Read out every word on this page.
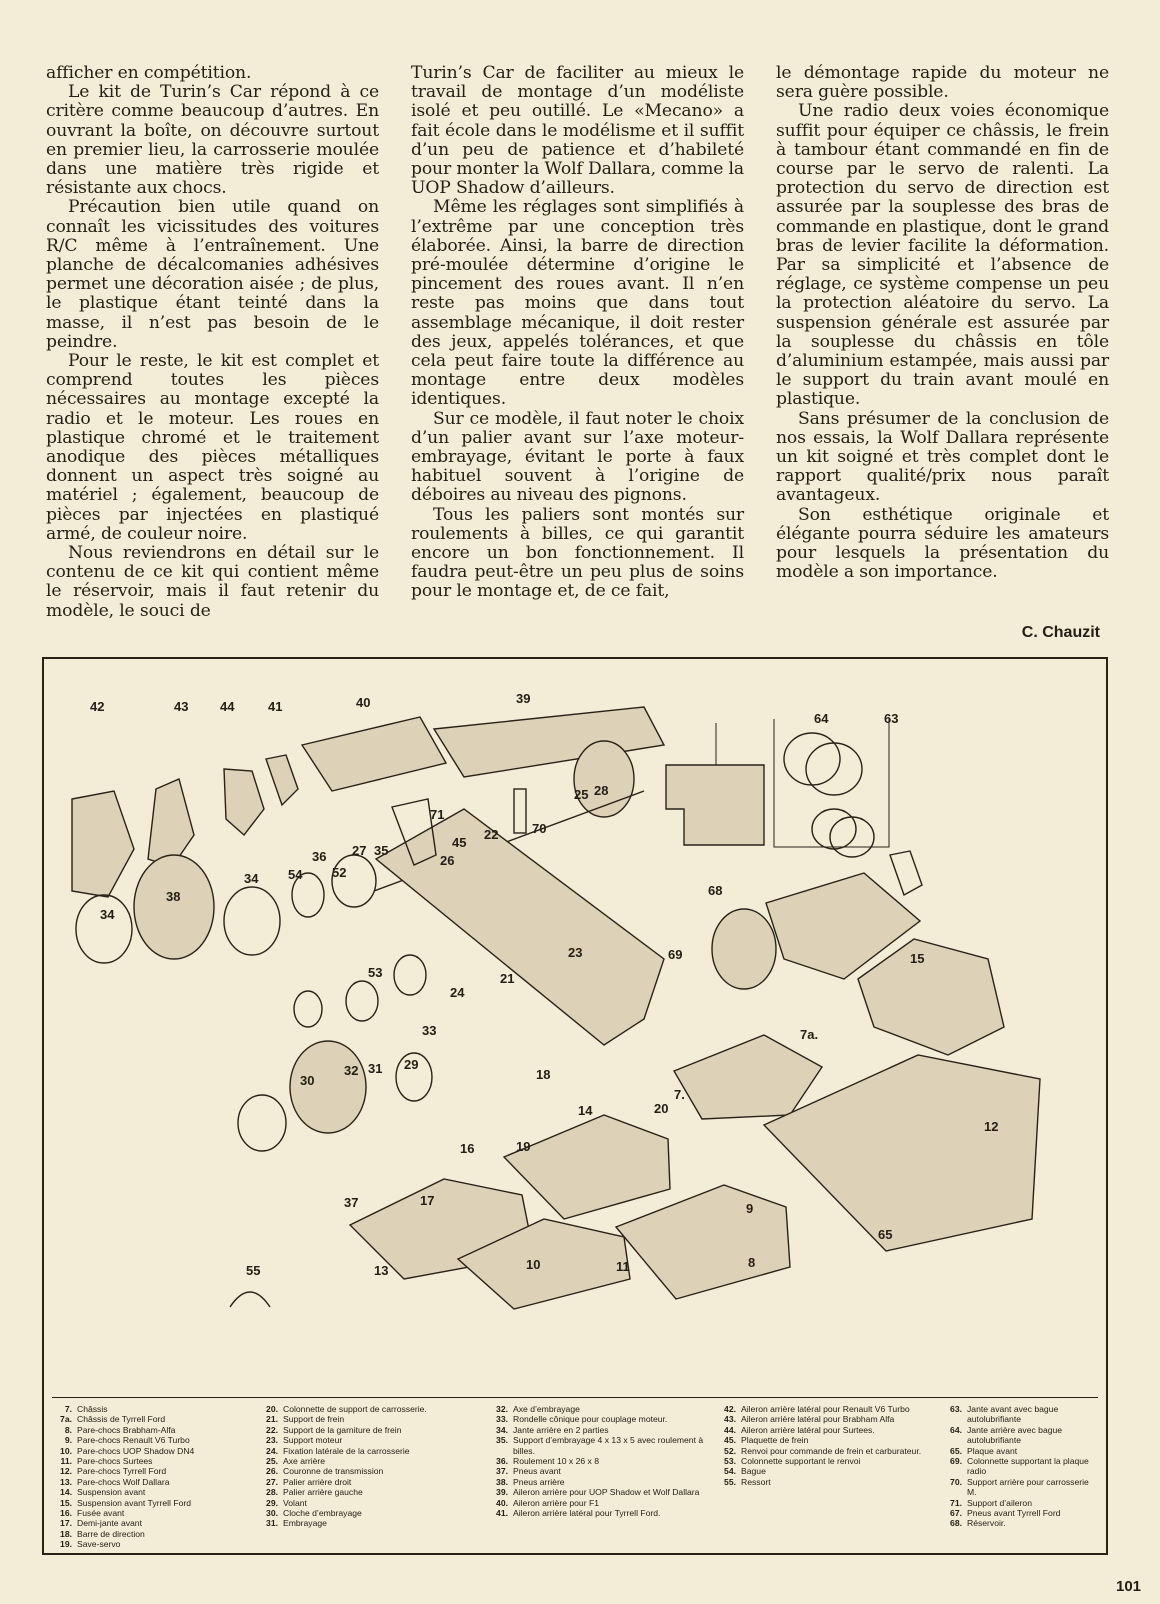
afficher en compétition.

Le kit de Turin’s Car répond à ce critère comme beaucoup d’autres. En ouvrant la boîte, on découvre surtout en premier lieu, la carrosserie moulée dans une matière très rigide et résistante aux chocs.

Précaution bien utile quand on connaît les vicissitudes des voitures R/C même à l’entraînement. Une planche de décalcomanies adhésives permet une décoration aisée ; de plus, le plastique étant teinté dans la masse, il n’est pas besoin de le peindre.

Pour le reste, le kit est complet et comprend toutes les pièces nécessaires au montage excepté la radio et le moteur. Les roues en plastique chromé et le traitement anodique des pièces métalliques donnent un aspect très soigné au matériel ; également, beaucoup de pièces par injectées en plastiqué armé, de couleur noire.

Nous reviendrons en détail sur le contenu de ce kit qui contient même le réservoir, mais il faut retenir du modèle, le souci de

Turin’s Car de faciliter au mieux le travail de montage d’un modéliste isolé et peu outillé. Le «Mecano» a fait école dans le modélisme et il suffit d’un peu de patience et d’habileté pour monter la Wolf Dallara, comme la UOP Shadow d’ailleurs.

Même les réglages sont simplifiés à l’extrême par une conception très élaborée. Ainsi, la barre de direction pré-moulée détermine d’origine le pincement des roues avant. Il n’en reste pas moins que dans tout assemblage mécanique, il doit rester des jeux, appelés tolérances, et que cela peut faire toute la différence au montage entre deux modèles identiques.

Sur ce modèle, il faut noter le choix d’un palier avant sur l’axe moteur-embrayage, évitant le porte à faux habituel souvent à l’origine de déboires au niveau des pignons.

Tous les paliers sont montés sur roulements à billes, ce qui garantit encore un bon fonctionnement. Il faudra peut-être un peu plus de soins pour le montage et, de ce fait,

le démontage rapide du moteur ne sera guère possible.

Une radio deux voies économique suffit pour équiper ce châssis, le frein à tambour étant commandé en fin de course par le servo de ralenti. La protection du servo de direction est assurée par la souplesse des bras de commande en plastique, dont le grand bras de levier facilite la déformation. Par sa simplicité et l’absence de réglage, ce système compense un peu la protection aléatoire du servo. La suspension générale est assurée par la souplesse du châssis en tôle d’aluminium estampée, mais aussi par le support du train avant moulé en plastique.

Sans présumer de la conclusion de nos essais, la Wolf Dallara représente un kit soigné et très complet dont le rapport qualité/prix nous paraît avantageux.

Son esthétique originale et élégante pourra séduire les amateurs pour lesquels la présentation du modèle a son importance.

C. Chauzit
42	43 44	41	40	39
64	63
71
70
25 28
45
22
27 35
26
36
52
54
38
34
34
68
23
21
53
24
69	15
33
29
31
32
30	18
7a.
14
7.
20
19
16
12
17
37	9
11
13	10	8
55
65
7. Châssis
7a. Châssis de Tyrrell Ford
8. Pare-chocs Brabham-Alfa
9. Pare-chocs Renault V6 Turbo
10. Pare-chocs UOP Shadow DN4
11. Pare-chocs Surtees
12. Pare-chocs Tyrrell Ford
13. Pare-chocs Wolf Dallara
14. Suspension avant
15. Suspension avant Tyrrell Ford
16. Fusée avant
17. Demi-jante avant
18. Barre de direction
19. Save-servo
20. Colonnette de support de carrosserie.
21. Support de frein
22. Support de la garniture de frein
23. Support moteur
24. Fixation latérale de la carrosserie
25. Axe arrière
26. Couronne de transmission
27. Palier arrière droit
28. Palier arrière gauche
29. Volant
30. Cloche d’embrayage
31. Embrayage
32. Axe d’embrayage
33. Rondelle cônique pour couplage moteur.
34. Jante arrière en 2 parties
35. Support d’embrayage 4 x 13 x 5 avec roulement à billes.
36. Roulement 10 x 26 x 8
37. Pneus avant
38. Pneus arrière
39. Aileron arrière pour UOP Shadow et Wolf Dallara
40. Aileron arrière pour F1
41. Aileron arrière latéral pour Tyrrell Ford.
42. Aileron arrière latéral pour Renault V6 Turbo
43. Aileron arrière latéral pour Brabham Alfa
44. Aileron arrière latéral pour Surtees.
45. Plaquette de frein
52. Renvoi pour commande de frein et carburateur.
53. Colonnette supportant le renvoi
54. Bague
55. Ressort
63. Jante avant avec bague autolubrifiante
64. Jante arrière avec bague autolubrifiante
65. Plaque avant
69. Colonnette supportant la plaque radio
70. Support arrière pour carrosserie M.
71. Support d’aileron
67. Pneus avant Tyrrell Ford
68. Réservoir.
101
